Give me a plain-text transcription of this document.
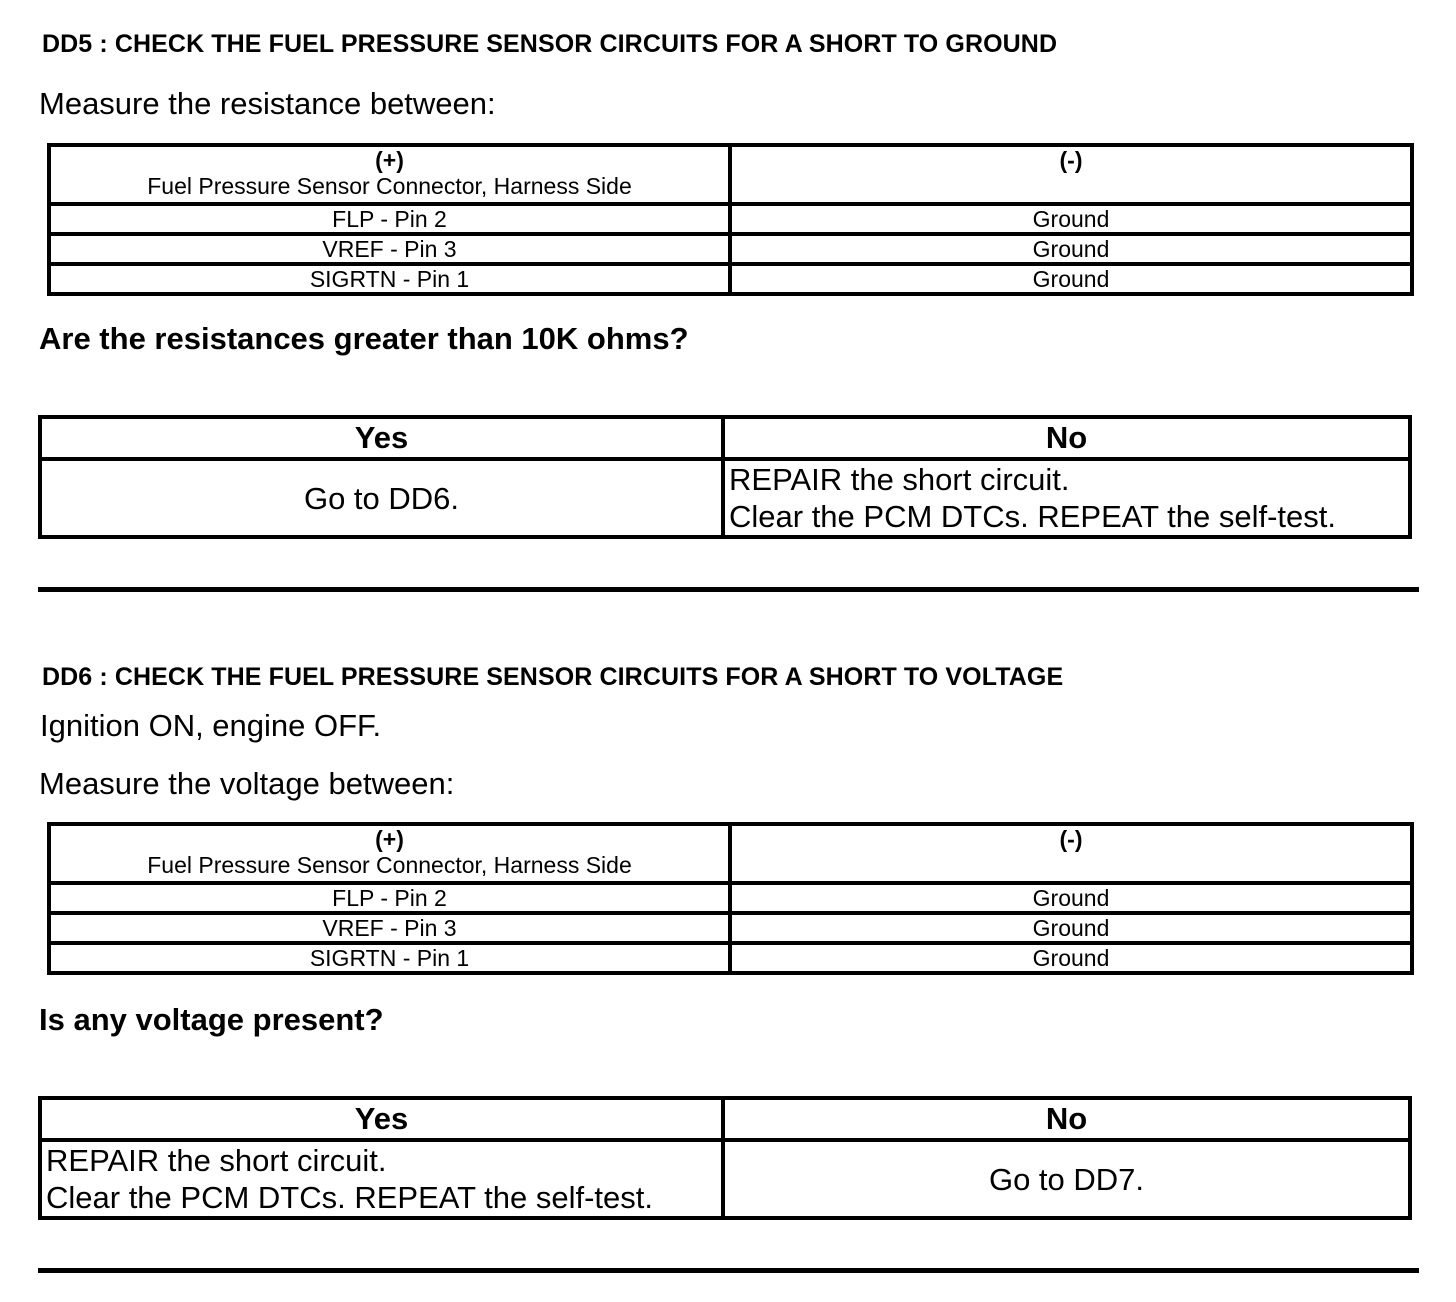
DD5 : CHECK THE FUEL PRESSURE SENSOR CIRCUITS FOR A SHORT TO GROUND
Measure the resistance between:
(+)
Fuel Pressure Sensor Connector, Harness Side	(-)

FLP - Pin 2	Ground
VREF - Pin 3	Ground
SIGRTN - Pin 1	Ground
Are the resistances greater than 10K ohms?
Yes	No

Go to DD6.	REPAIR the short circuit.
Clear the PCM DTCs. REPEAT the self-test.
DD6 : CHECK THE FUEL PRESSURE SENSOR CIRCUITS FOR A SHORT TO VOLTAGE
Ignition ON, engine OFF.
Measure the voltage between:
(+)
Fuel Pressure Sensor Connector, Harness Side	(-)

FLP - Pin 2	Ground
VREF - Pin 3	Ground
SIGRTN - Pin 1	Ground
Is any voltage present?
Yes	No

REPAIR the short circuit.
Clear the PCM DTCs. REPEAT the self-test.	Go to DD7.
